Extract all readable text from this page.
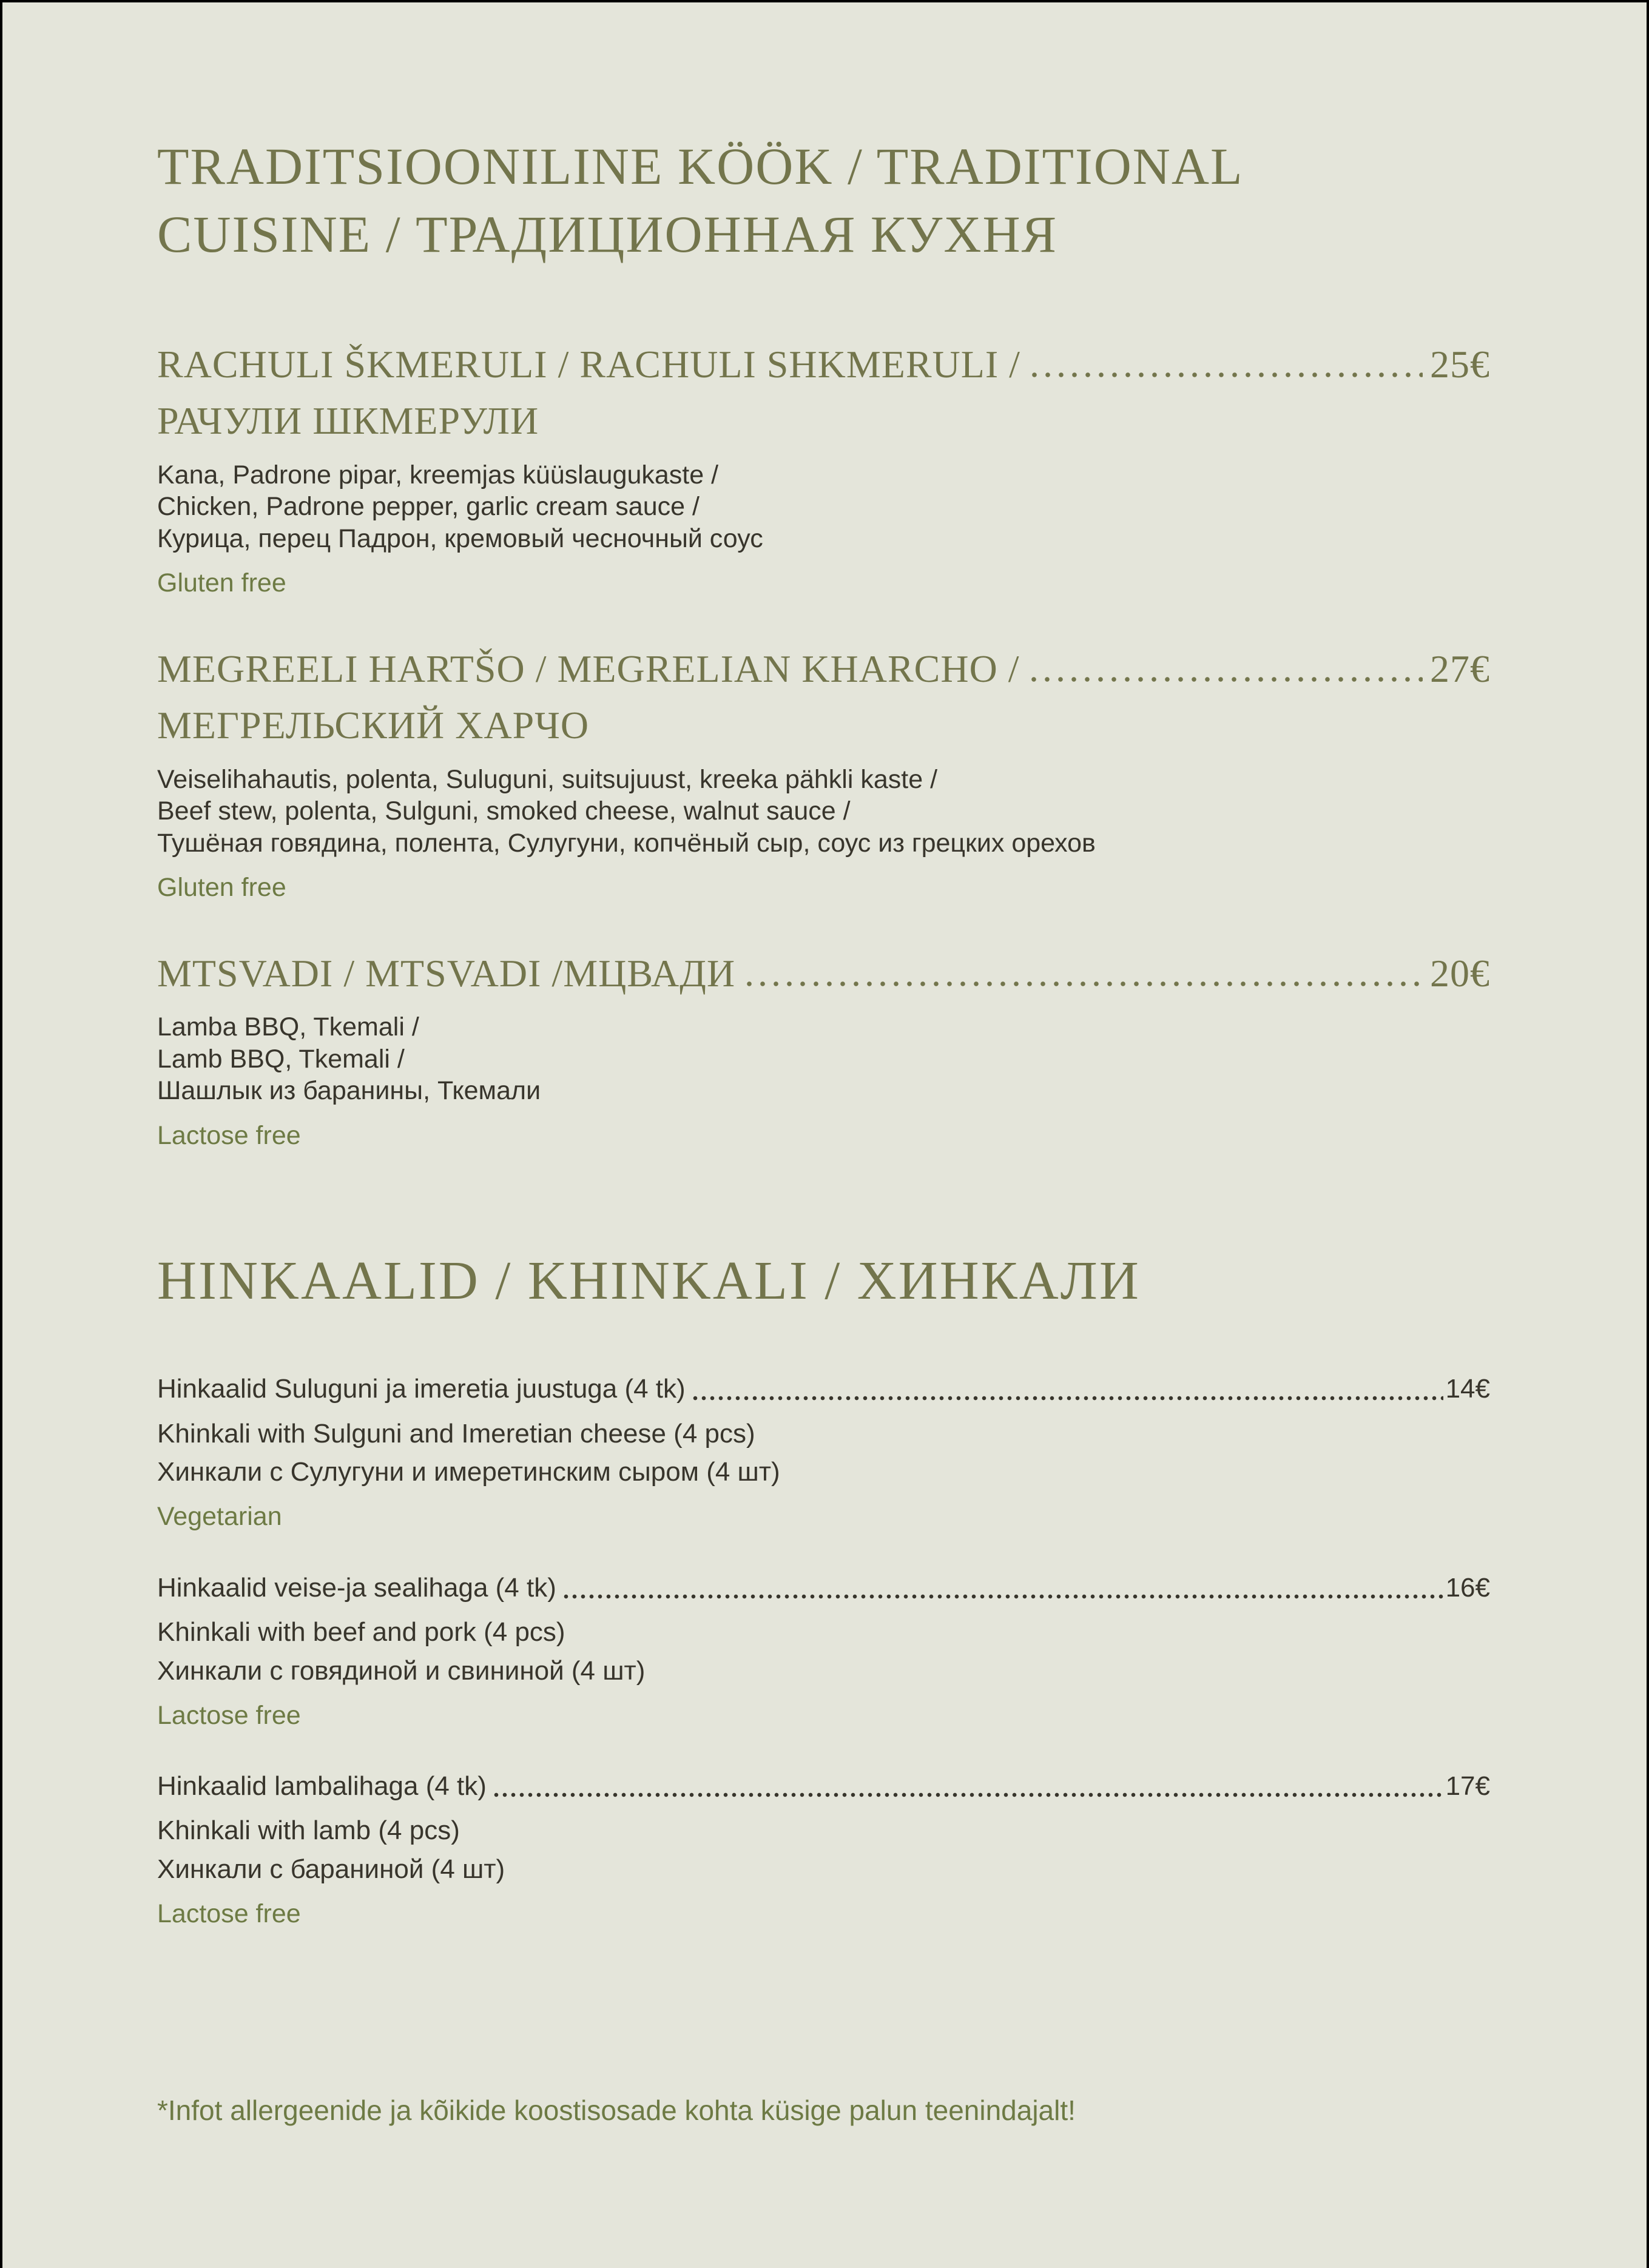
TRADITSIOONILINE KÖÖK / TRADITIONAL CUISINE / ТРАДИЦИОННАЯ КУХНЯ
RACHULI ŠKMERULI / RACHULI SHKMERULI /	25€
РАЧУЛИ ШКМЕРУЛИ
Kana, Padrone pipar, kreemjas küüslaugukaste /
Chicken, Padrone pepper, garlic cream sauce /
Курица, перец Падрон, кремовый чесночный соус
Gluten free
MEGREELI HARTŠO / MEGRELIAN KHARCHO /	27€
МЕГРЕЛЬСКИЙ ХАРЧО
Veiselihahautis, polenta, Suluguni, suitsujuust, kreeka pähkli kaste /
Beef stew, polenta, Sulguni, smoked cheese, walnut sauce /
Тушёная говядина, полента, Сулугуни, копчёный сыр, соус из грецких орехов
Gluten free
MTSVADI / MTSVADI /МЦВАДИ	20€
Lamba BBQ, Tkemali /
Lamb BBQ, Tkemali /
Шашлык из баранины, Ткемали
Lactose free
HINKAALID / KHINKALI / ХИНКАЛИ
Hinkaalid Suluguni ja imeretia juustuga (4 tk)	14€
Khinkali with Sulguni and Imeretian cheese (4 pcs)
Хинкали с Сулугуни и имеретинским сыром (4 шт)
Vegetarian
Hinkaalid veise-ja sealihaga (4 tk)	16€
Khinkali with beef and pork (4 pcs)
Хинкали с говядиной и свининой (4 шт)
Lactose free
Hinkaalid lambalihaga (4 tk)	17€
Khinkali with lamb (4 pcs)
Хинкали с бараниной (4 шт)
Lactose free
*Infot allergeenide ja kõikide koostisosade kohta küsige palun teenindajalt!
